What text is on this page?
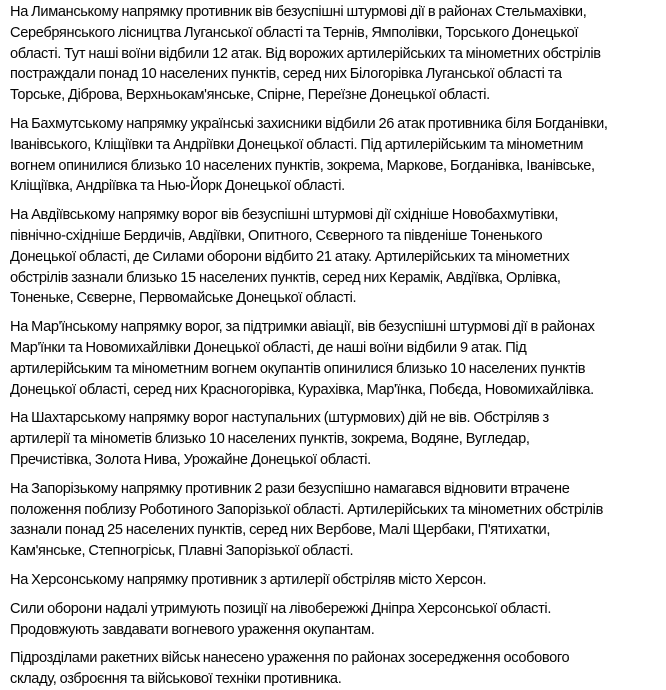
На Лиманському напрямку противник вів безуспішні штурмові дії в районах Стельмахівки,
Серебрянського лісництва Луганської області та Тернів, Ямполівки, Торського Донецької
області. Тут наші воїни відбили 12 атак. Від ворожих артилерійських та мінометних обстрілів
постраждали понад 10 населених пунктів, серед них Білогорівка Луганської області та
Торське, Діброва, Верхньокам'янське, Спірне, Переїзне Донецької області.
На Бахмутському напрямку українські захисники відбили 26 атак противника біля Богданівки,
Іванівського, Кліщіївки та Андріївки Донецької області. Під артилерійським та мінометним
вогнем опинилися близько 10 населених пунктів, зокрема, Маркове, Богданівка, Іванівське,
Кліщіївка, Андріївка та Нью-Йорк Донецької області.
На Авдіївському напрямку ворог вів безуспішні штурмові дії східніше Новобахмутівки,
північно-східніше Бердичів, Авдіївки, Опитного, Сєверного та південіше Тоненького
Донецької області, де Силами оборони відбито 21 атаку. Артилерійських та мінометних
обстрілів зазнали близько 15 населених пунктів, серед них Керамік, Авдіївка, Орлівка,
Тоненьке, Сєверне, Первомайське Донецької області.
На Мар'їнському напрямку ворог, за підтримки авіації, вів безуспішні штурмові дії в районах
Мар'їнки та Новомихайлівки Донецької області, де наші воїни відбили 9 атак. Під
артилерійським та мінометним вогнем окупантів опинилися близько 10 населених пунктів
Донецької області, серед них Красногорівка, Курахівка, Мар'їнка, Побєда, Новомихайлівка.
На Шахтарському напрямку ворог наступальних (штурмових) дій не вів. Обстріляв з
артилерії та мінометів близько 10 населених пунктів, зокрема, Водяне, Вугледар,
Пречистівка, Золота Нива, Урожайне Донецької області.
На Запорізькому напрямку противник 2 рази безуспішно намагався відновити втрачене
положення поблизу Роботиного Запорізької області. Артилерійських та мінометних обстрілів
зазнали понад 25 населених пунктів, серед них Вербове, Малі Щербаки, П'ятихатки,
Кам'янське, Степногріськ, Плавні Запорізької області.
На Херсонському напрямку противник з артилерії обстріляв місто Херсон.
Сили оборони надалі утримують позиції на лівобережжі Дніпра Херсонської області.
Продовжують завдавати вогневого ураження окупантам.
Підрозділами ракетних військ нанесено ураження по районах зосередження особового
складу, озброєння та військової техніки противника.
